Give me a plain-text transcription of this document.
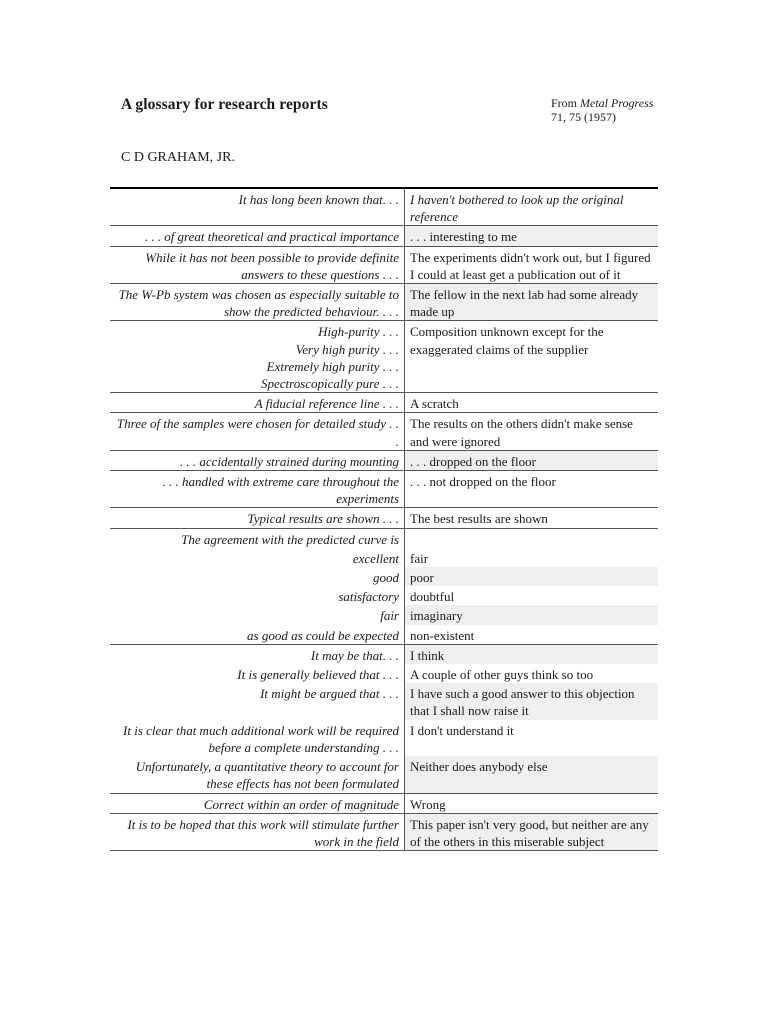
A glossary for research reports	From Metal Progress 71, 75 (1957)
C D GRAHAM, JR.
It has long been known that. . .	I haven't bothered to look up the original reference

. . . of great theoretical and practical importance	. . . interesting to me

While it has not been possible to provide definite answers to these questions . . .	The experiments didn't work out, but I figured I could at least get a publication out of it

The W-Pb system was chosen as especially suitable to show the predicted behaviour. . . .	The fellow in the next lab had some already made up

High-purity . . .
Very high purity . . .
Extremely high purity . . .
Spectroscopically pure . . .	Composition unknown except for the exaggerated claims of the supplier

A fiducial reference line . . .	A scratch

Three of the samples were chosen for detailed study . . .	The results on the others didn't make sense and were ignored

. . . accidentally strained during mounting	. . . dropped on the floor

. . . handled with extreme care throughout the experiments	. . . not dropped on the floor

Typical results are shown . . .	The best results are shown

The agreement with the predicted curve is	

excellent	fair

good	poor

satisfactory	doubtful

fair	imaginary

as good as could be expected	non-existent

It may be that. . .	I think

It is generally believed that . . .	A couple of other guys think so too

It might be argued that . . .	I have such a good answer to this objection that I shall now raise it

It is clear that much additional work will be required before a complete understanding . . .	I don't understand it

Unfortunately, a quantitative theory to account for these effects has not been formulated	Neither does anybody else

Correct within an order of magnitude	Wrong

It is to be hoped that this work will stimulate further work in the field	This paper isn't very good, but neither are any of the others in this miserable subject
